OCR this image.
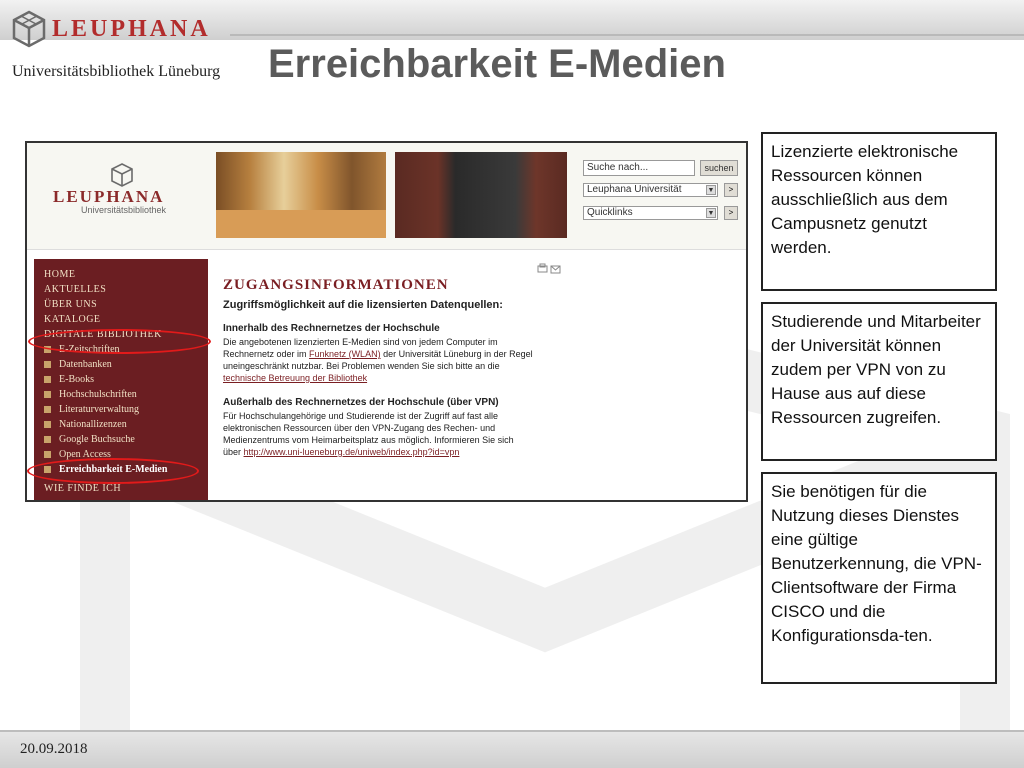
LEUPHANA
Universitätsbibliothek Lüneburg Erreichbarkeit E-Medien
LEUPHANA
Universitätsbibliothek
Suche nach...	suchen
Leuphana Universität	▼	>
Quicklinks	▼	>
HOME
AKTUELLES
ÜBER UNS
KATALOGE
DIGITALE BIBLIOTHEK
E-Zeitschriften
Datenbanken
E-Books
Hochschulschriften
Literaturverwaltung
Nationallizenzen
Google Buchsuche
Open Access
Erreichbarkeit E-Medien
WIE FINDE ICH
ZUGANGSINFORMATIONEN
Zugriffsmöglichkeit auf die lizensierten Datenquellen:
Innerhalb des Rechnernetzes der Hochschule
Die angebotenen lizenzierten E-Medien sind von jedem Computer im
Rechnernetz oder im Funknetz (WLAN) der Universität Lüneburg in der Regel
uneingeschränkt nutzbar. Bei Problemen wenden Sie sich bitte an die
technische Betreuung der Bibliothek
Außerhalb des Rechnernetzes der Hochschule (über VPN)
Für Hochschulangehörige und Studierende ist der Zugriff auf fast alle
elektronischen Ressourcen über den VPN-Zugang des Rechen- und
Medienzentrums vom Heimarbeitsplatz aus möglich. Informieren Sie sich
über http://www.uni-lueneburg.de/uniweb/index.php?id=vpn
Lizenzierte elektronische Ressourcen können ausschließlich aus dem Campusnetz genutzt werden.
Studierende und Mitarbeiter der Universität können zudem per VPN von zu Hause aus auf diese Ressourcen zugreifen.
Sie benötigen für die Nutzung dieses Dienstes eine gültige Benutzerkennung, die VPN-Clientsoftware der Firma CISCO und die Konfigurationsda-ten.
20.09.2018
